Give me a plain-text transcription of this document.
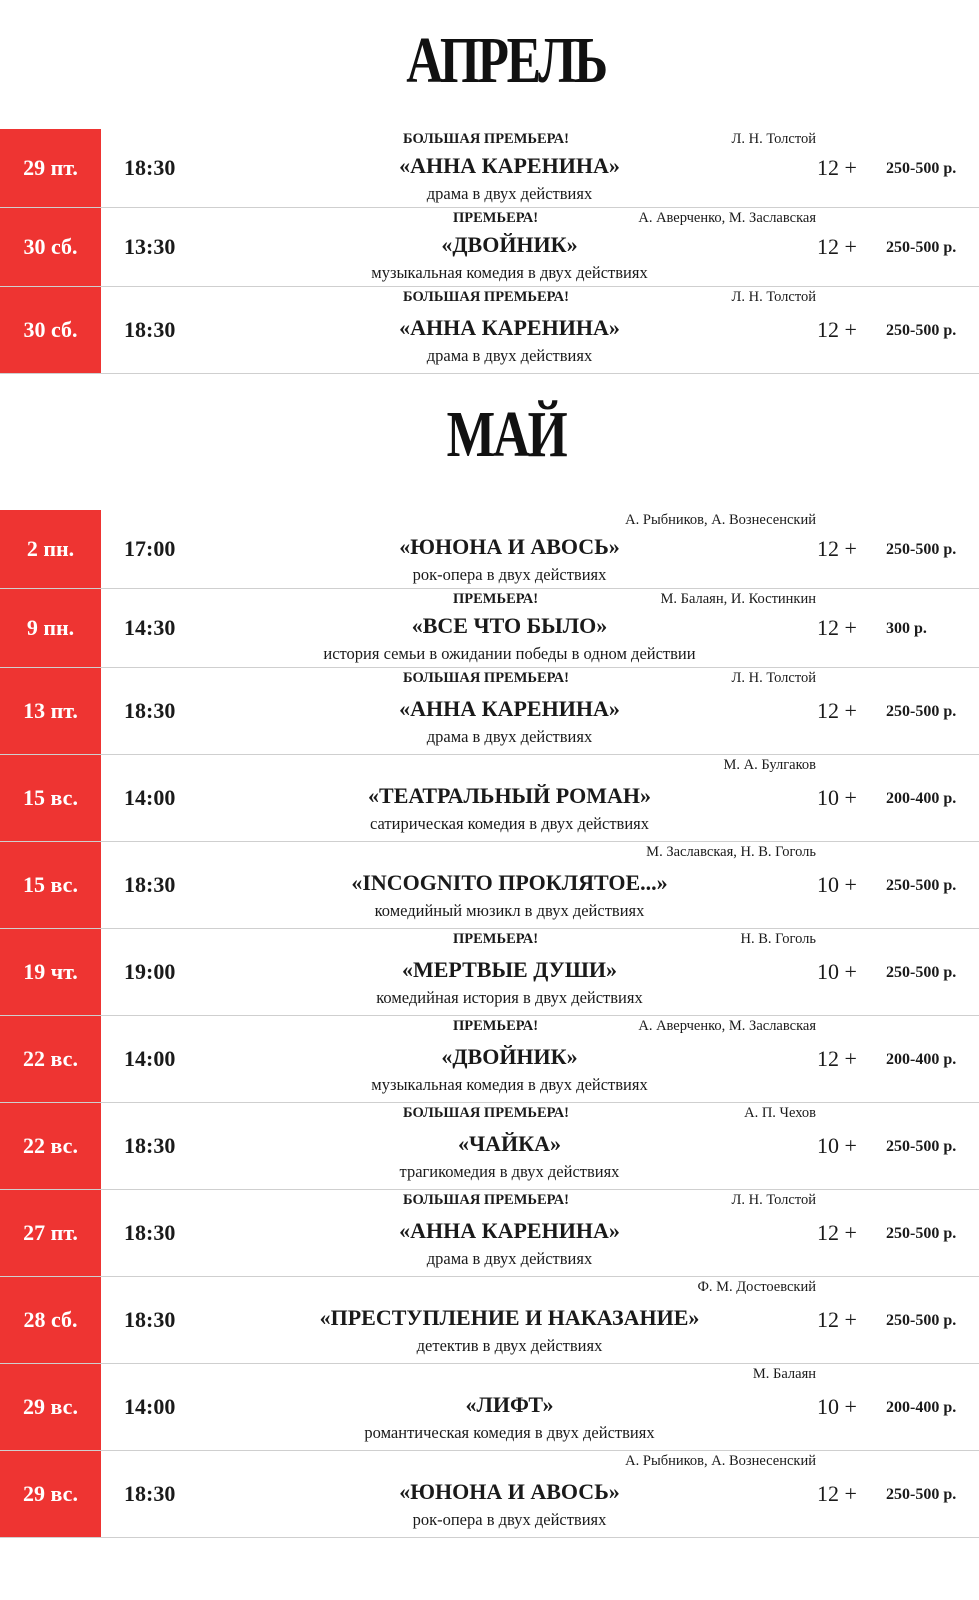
АПРЕЛЬ
29 пт.	18:30
БОЛЬШАЯ ПРЕМЬЕРА!	Л. Н. Толстой
«АННА КАРЕНИНА»
драма в двух действиях
12 + 250-500 р.
30 сб.	13:30
ПРЕМЬЕРА!	А. Аверченко, М. Заславская
«ДВОЙНИК»
музыкальная комедия в двух действиях
12 + 250-500 р.
30 сб.	18:30
БОЛЬШАЯ ПРЕМЬЕРА!	Л. Н. Толстой
«АННА КАРЕНИНА»
драма в двух действиях
12 + 250-500 р.
МАЙ
2 пн.	17:00
А. Рыбников, А. Вознесенский
«ЮНОНА И АВОСЬ»
рок-опера в двух действиях
12 + 250-500 р.
9 пн.	14:30
ПРЕМЬЕРА!	М. Балаян, И. Костинкин
«ВСЕ ЧТО БЫЛО»
история семьи в ожидании победы в одном действии
12 + 300 р.
13 пт.	18:30
БОЛЬШАЯ ПРЕМЬЕРА!	Л. Н. Толстой
«АННА КАРЕНИНА»
драма в двух действиях
12 + 250-500 р.
15 вс.	14:00
М. А. Булгаков
«ТЕАТРАЛЬНЫЙ РОМАН»
сатирическая комедия в двух действиях
10 + 200-400 р.
15 вс.	18:30
М. Заславская, Н. В. Гоголь
«INCOGNITO ПРОКЛЯТОЕ...»
комедийный мюзикл в двух действиях
10 + 250-500 р.
19 чт.	19:00
ПРЕМЬЕРА!	Н. В. Гоголь
«МЕРТВЫЕ ДУШИ»
комедийная история в двух действиях
10 + 250-500 р.
22 вс.	14:00
ПРЕМЬЕРА!	А. Аверченко, М. Заславская
«ДВОЙНИК»
музыкальная комедия в двух действиях
12 + 200-400 р.
22 вс.	18:30
БОЛЬШАЯ ПРЕМЬЕРА!	А. П. Чехов
«ЧАЙКА»
трагикомедия в двух действиях
10 + 250-500 р.
27 пт.	18:30
БОЛЬШАЯ ПРЕМЬЕРА!	Л. Н. Толстой
«АННА КАРЕНИНА»
драма в двух действиях
12 + 250-500 р.
28 сб.	18:30
Ф. М. Достоевский
«ПРЕСТУПЛЕНИЕ И НАКАЗАНИЕ»
детектив в двух действиях
12 + 250-500 р.
29 вс.	14:00
М. Балаян
«ЛИФТ»
романтическая комедия в двух действиях
10 + 200-400 р.
29 вс.	18:30
А. Рыбников, А. Вознесенский
«ЮНОНА И АВОСЬ»
рок-опера в двух действиях
12 + 250-500 р.
